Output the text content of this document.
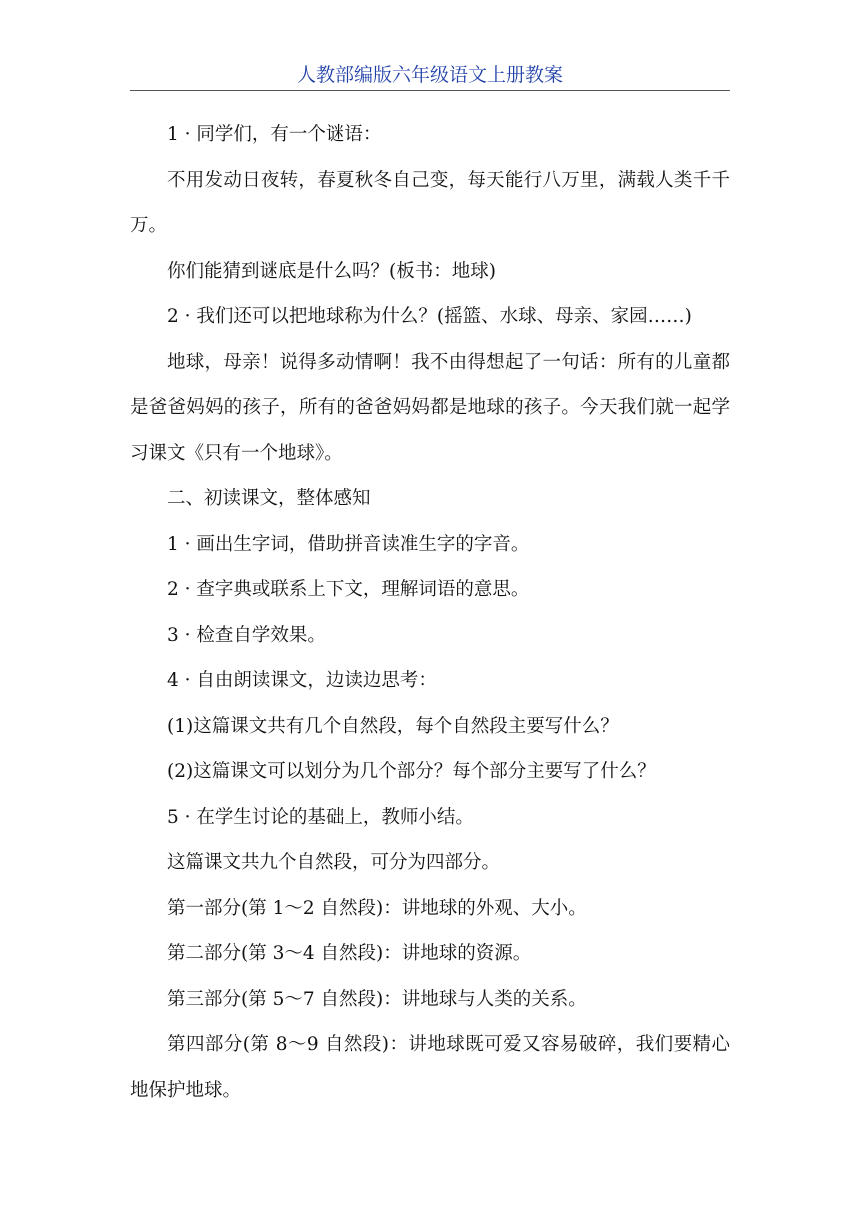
人教部编版六年级语文上册教案

1 · 同学们，有一个谜语：

不用发动日夜转，春夏秋冬自己变，每天能行八万里，满载人类千千万。

你们能猜到谜底是什么吗？(板书：地球)

2 · 我们还可以把地球称为什么？(摇篮、水球、母亲、家园……)

地球，母亲！说得多动情啊！我不由得想起了一句话：所有的儿童都是爸爸妈妈的孩子，所有的爸爸妈妈都是地球的孩子。今天我们就一起学习课文《只有一个地球》。

二、初读课文，整体感知

1 · 画出生字词，借助拼音读准生字的字音。

2 · 查字典或联系上下文，理解词语的意思。

3 · 检查自学效果。

4 · 自由朗读课文，边读边思考：

(1)这篇课文共有几个自然段，每个自然段主要写什么？

(2)这篇课文可以划分为几个部分？每个部分主要写了什么？

5 · 在学生讨论的基础上，教师小结。

这篇课文共九个自然段，可分为四部分。

第一部分(第 1～2 自然段)：讲地球的外观、大小。

第二部分(第 3～4 自然段)：讲地球的资源。

第三部分(第 5～7 自然段)：讲地球与人类的关系。

第四部分(第 8～9 自然段)：讲地球既可爱又容易破碎，我们要精心地保护地球。
